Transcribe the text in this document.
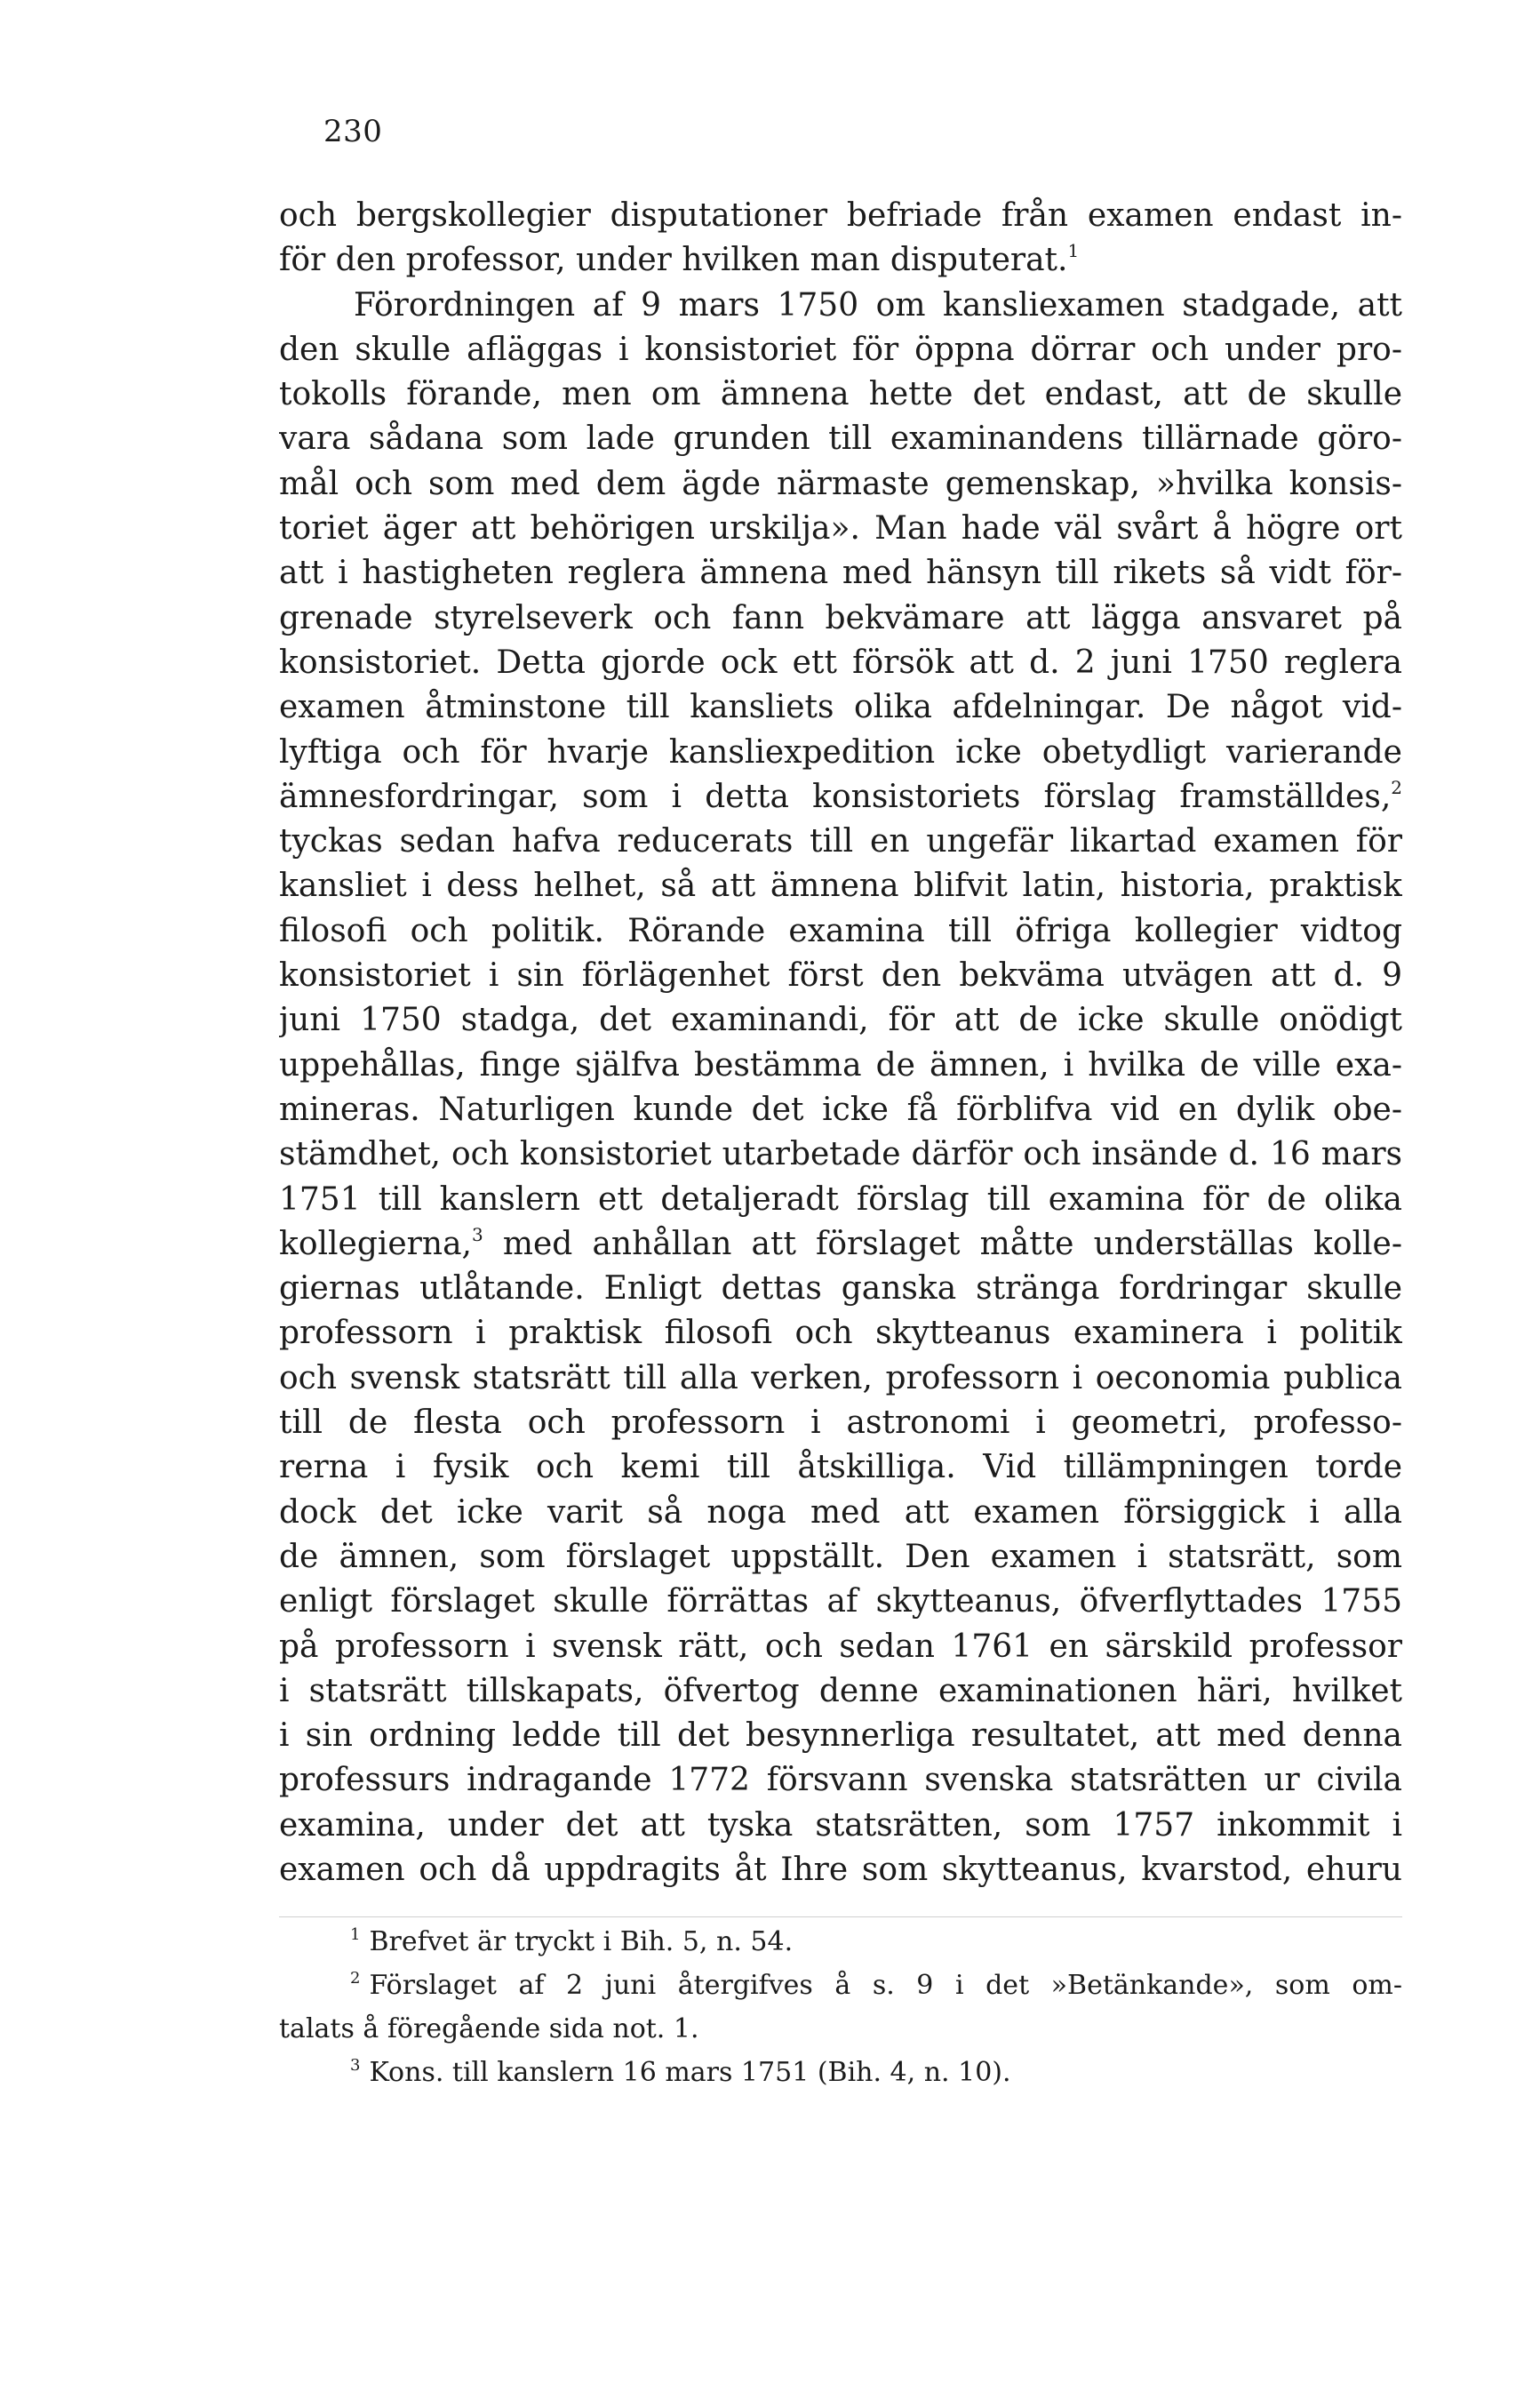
230
och bergskollegier disputationer befriade från examen endast in-
för den professor, under hvilken man disputerat.$^1$
Förordningen af 9 mars 1750 om kansliexamen stadgade, att
den skulle afläggas i konsistoriet för öppna dörrar och under pro-
tokolls förande, men om ämnena hette det endast, att de skulle
vara sådana som lade grunden till examinandens tillärnade göro-
mål och som med dem ägde närmaste gemenskap, »hvilka konsis-
toriet äger att behörigen urskilja». Man hade väl svårt å högre ort
att i hastigheten reglera ämnena med hänsyn till rikets så vidt för-
grenade styrelseverk och fann bekvämare att lägga ansvaret på
konsistoriet. Detta gjorde ock ett försök att d. 2 juni 1750 reglera
examen åtminstone till kansliets olika afdelningar. De något vid-
lyftiga och för hvarje kansliexpedition icke obetydligt varierande
ämnesfordringar, som i detta konsistoriets förslag framställdes,$^2$
tyckas sedan hafva reducerats till en ungefär likartad examen för
kansliet i dess helhet, så att ämnena blifvit latin, historia, praktisk
filosofi och politik. Rörande examina till öfriga kollegier vidtog
konsistoriet i sin förlägenhet först den bekväma utvägen att d. 9
juni 1750 stadga, det examinandi, för att de icke skulle onödigt
uppehållas, finge själfva bestämma de ämnen, i hvilka de ville exa-
mineras. Naturligen kunde det icke få förblifva vid en dylik obe-
stämdhet, och konsistoriet utarbetade därför och insände d. 16 mars
1751 till kanslern ett detaljeradt förslag till examina för de olika
kollegierna,$^3$ med anhållan att förslaget måtte underställas kolle-
giernas utlåtande. Enligt dettas ganska stränga fordringar skulle
professorn i praktisk filosofi och skytteanus examinera i politik
och svensk statsrätt till alla verken, professorn i oeconomia publica
till de flesta och professorn i astronomi i geometri, professo-
rerna i fysik och kemi till åtskilliga. Vid tillämpningen torde
dock det icke varit så noga med att examen försiggick i alla
de ämnen, som förslaget uppställt. Den examen i statsrätt, som
enligt förslaget skulle förrättas af skytteanus, öfverflyttades 1755
på professorn i svensk rätt, och sedan 1761 en särskild professor
i statsrätt tillskapats, öfvertog denne examinationen häri, hvilket
i sin ordning ledde till det besynnerliga resultatet, att med denna
professurs indragande 1772 försvann svenska statsrätten ur civila
examina, under det att tyska statsrätten, som 1757 inkommit i
examen och då uppdragits åt Ihre som skytteanus, kvarstod, ehuru
$^1$ Brefvet är tryckt i Bih. 5, n. 54.
$^2$ Förslaget af 2 juni återgifves å s. 9 i det »Betänkande», som om-
talats å föregående sida not. 1.
$^3$ Kons. till kanslern 16 mars 1751 (Bih. 4, n. 10).
